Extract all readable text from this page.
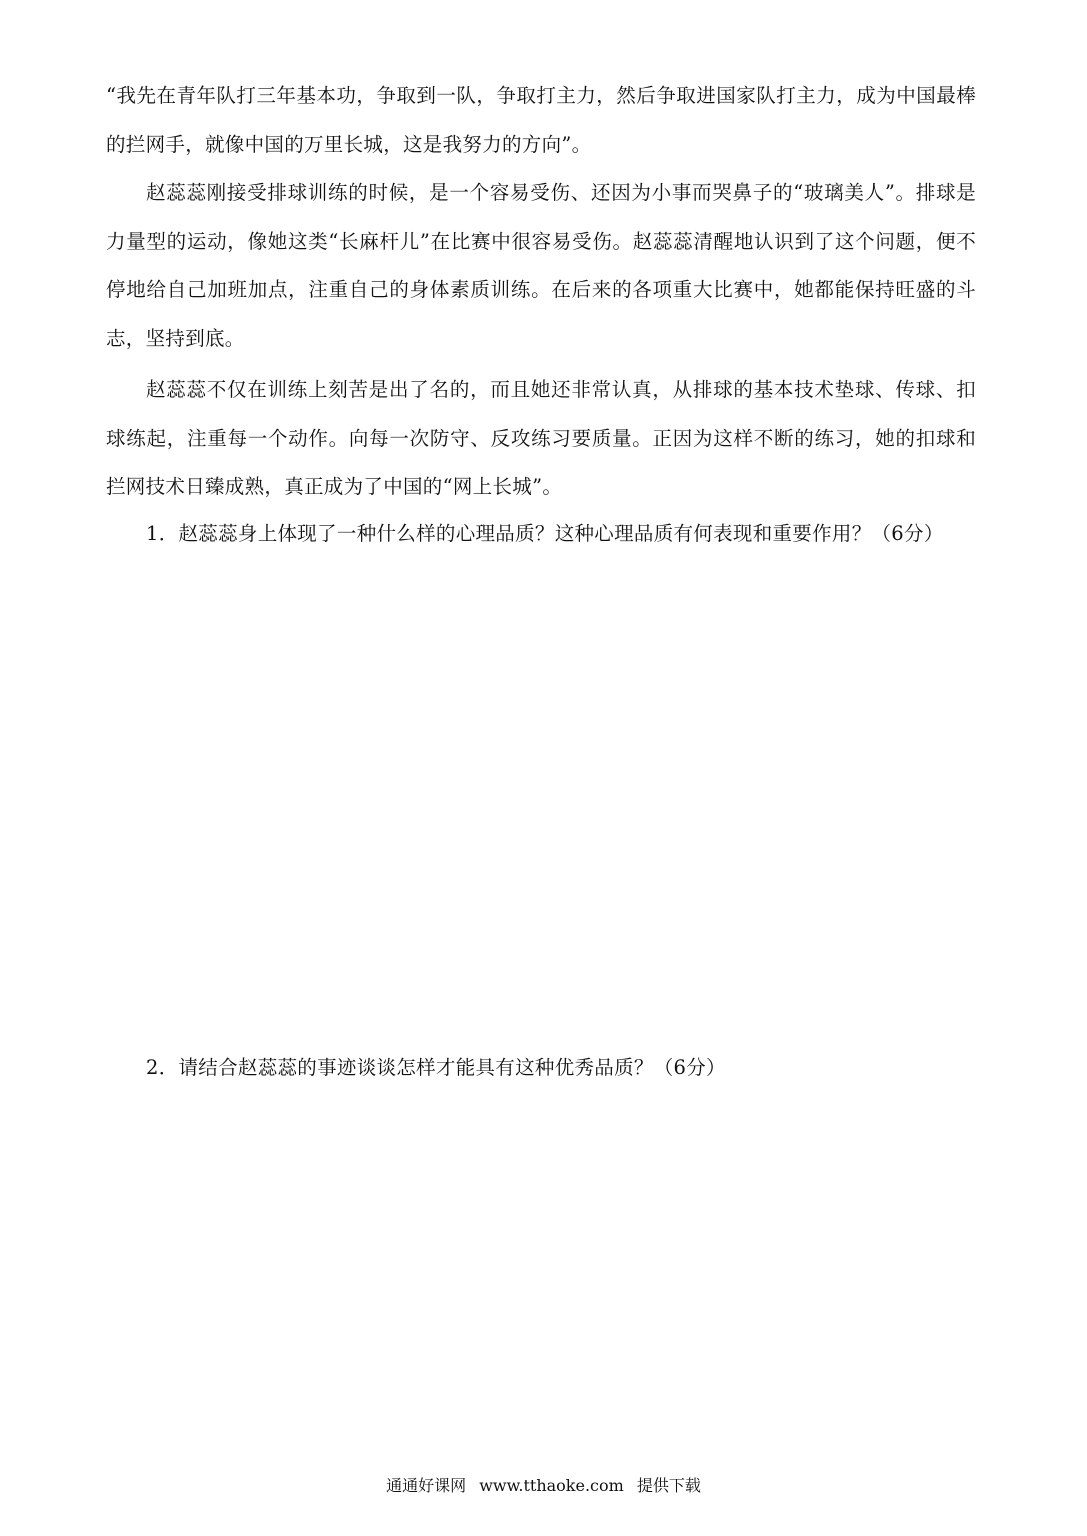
“我先在青年队打三年基本功，争取到一队，争取打主力，然后争取进国家队打主力，成为中国最棒的拦网手，就像中国的万里长城，这是我努力的方向”。

赵蕊蕊刚接受排球训练的时候，是一个容易受伤、还因为小事而哭鼻子的“玻璃美人”。排球是力量型的运动，像她这类“长麻杆儿”在比赛中很容易受伤。赵蕊蕊清醒地认识到了这个问题，便不停地给自己加班加点，注重自己的身体素质训练。在后来的各项重大比赛中，她都能保持旺盛的斗志，坚持到底。

赵蕊蕊不仅在训练上刻苦是出了名的，而且她还非常认真，从排球的基本技术垫球、传球、扣球练起，注重每一个动作。向每一次防守、反攻练习要质量。正因为这样不断的练习，她的扣球和拦网技术日臻成熟，真正成为了中国的“网上长城”。

1．赵蕊蕊身上体现了一种什么样的心理品质？这种心理品质有何表现和重要作用？（6分）

2．请结合赵蕊蕊的事迹谈谈怎样才能具有这种优秀品质？（6分）

通通好课网 www.tthaoke.com 提供下载
